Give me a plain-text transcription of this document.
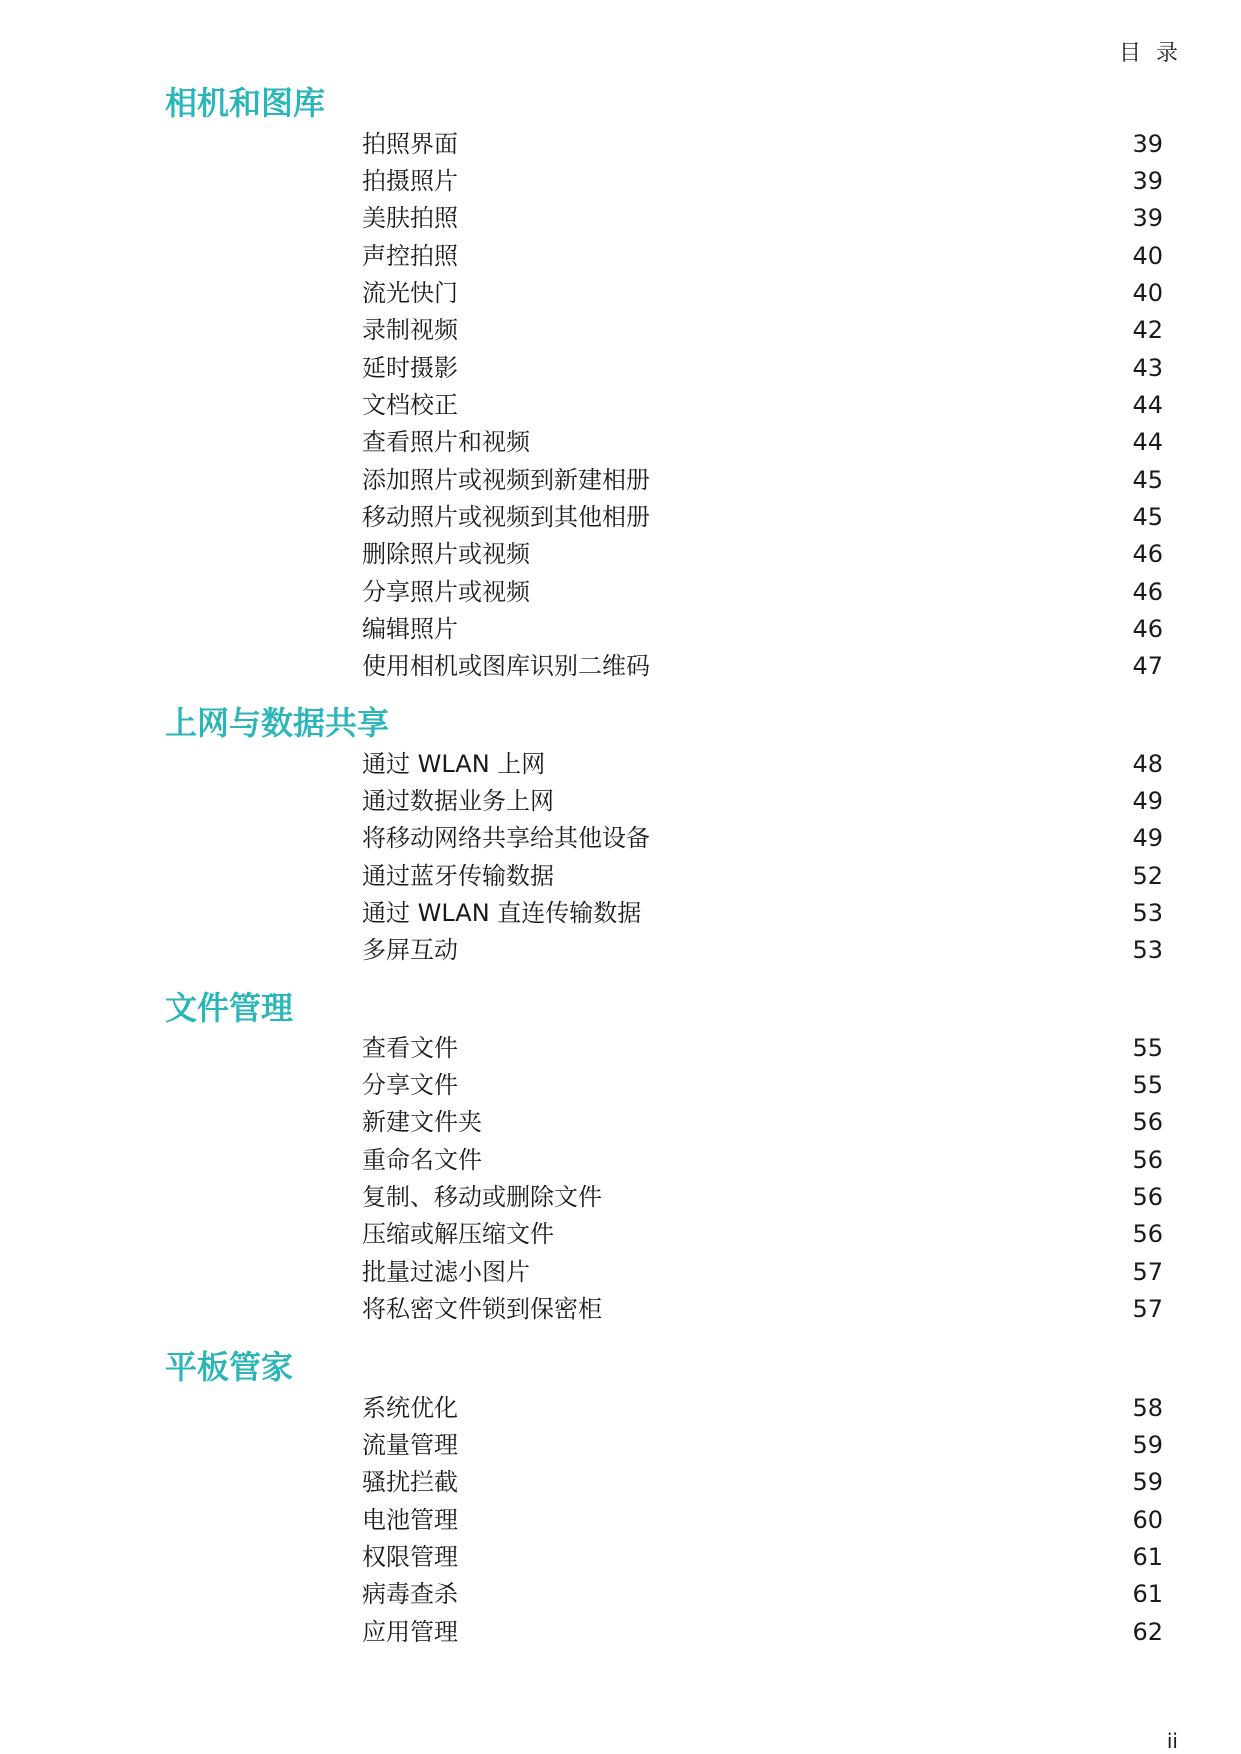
目 录
相机和图库
拍照界面	39
拍摄照片	39
美肤拍照	39
声控拍照	40
流光快门	40
录制视频	42
延时摄影	43
文档校正	44
查看照片和视频	44
添加照片或视频到新建相册	45
移动照片或视频到其他相册	45
删除照片或视频	46
分享照片或视频	46
编辑照片	46
使用相机或图库识别二维码	47
上网与数据共享
通过 WLAN 上网	48
通过数据业务上网	49
将移动网络共享给其他设备	49
通过蓝牙传输数据	52
通过 WLAN 直连传输数据	53
多屏互动	53
文件管理
查看文件	55
分享文件	55
新建文件夹	56
重命名文件	56
复制、移动或删除文件	56
压缩或解压缩文件	56
批量过滤小图片	57
将私密文件锁到保密柜	57
平板管家
系统优化	58
流量管理	59
骚扰拦截	59
电池管理	60
权限管理	61
病毒查杀	61
应用管理	62
ii
